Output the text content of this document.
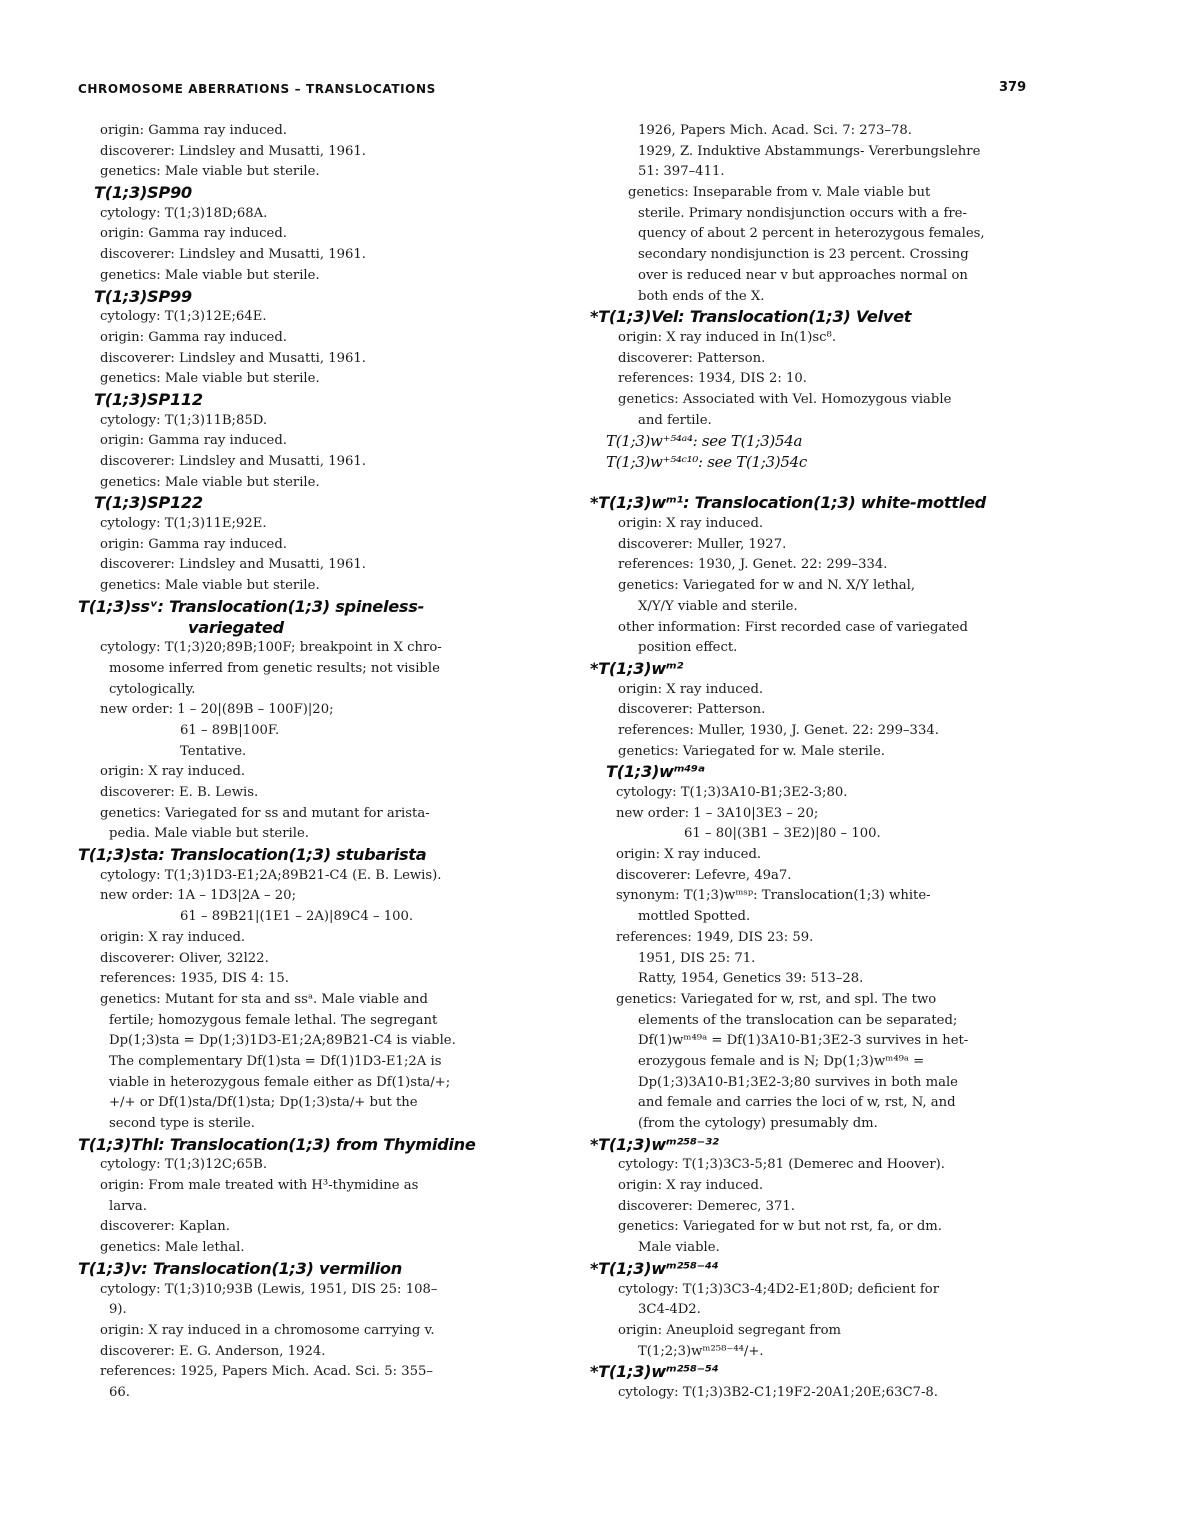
CHROMOSOME ABERRATIONS – TRANSLOCATIONS	379
origin: Gamma ray induced.
discoverer: Lindsley and Musatti, 1961.
genetics: Male viable but sterile.
T(1;3)SP90
cytology: T(1;3)18D;68A.
origin: Gamma ray induced.
discoverer: Lindsley and Musatti, 1961.
genetics: Male viable but sterile.
T(1;3)SP99
cytology: T(1;3)12E;64E.
origin: Gamma ray induced.
discoverer: Lindsley and Musatti, 1961.
genetics: Male viable but sterile.
T(1;3)SP112
cytology: T(1;3)11B;85D.
origin: Gamma ray induced.
discoverer: Lindsley and Musatti, 1961.
genetics: Male viable but sterile.
T(1;3)SP122
cytology: T(1;3)11E;92E.
origin: Gamma ray induced.
discoverer: Lindsley and Musatti, 1961.
genetics: Male viable but sterile.
T(1;3)ssᵛ: Translocation(1;3) spineless-
variegated
cytology: T(1;3)20;89B;100F; breakpoint in X chro-
mosome inferred from genetic results; not visible
cytologically.
new order: 1 – 20|(89B – 100F)|20;
61 – 89B|100F.
Tentative.
origin: X ray induced.
discoverer: E. B. Lewis.
genetics: Variegated for ss and mutant for arista-
pedia. Male viable but sterile.
T(1;3)sta: Translocation(1;3) stubarista
cytology: T(1;3)1D3-E1;2A;89B21-C4 (E. B. Lewis).
new order: 1A – 1D3|2A – 20;
61 – 89B21|(1E1 – 2A)|89C4 – 100.
origin: X ray induced.
discoverer: Oliver, 32l22.
references: 1935, DIS 4: 15.
genetics: Mutant for sta and ssᵃ. Male viable and
fertile; homozygous female lethal. The segregant
Dp(1;3)sta = Dp(1;3)1D3-E1;2A;89B21-C4 is viable.
The complementary Df(1)sta = Df(1)1D3-E1;2A is
viable in heterozygous female either as Df(1)sta/+;
+/+ or Df(1)sta/Df(1)sta; Dp(1;3)sta/+ but the
second type is sterile.
T(1;3)Thl: Translocation(1;3) from Thymidine
cytology: T(1;3)12C;65B.
origin: From male treated with H³-thymidine as
larva.
discoverer: Kaplan.
genetics: Male lethal.
T(1;3)v: Translocation(1;3) vermilion
cytology: T(1;3)10;93B (Lewis, 1951, DIS 25: 108–
9).
origin: X ray induced in a chromosome carrying v.
discoverer: E. G. Anderson, 1924.
references: 1925, Papers Mich. Acad. Sci. 5: 355–
66.
1926, Papers Mich. Acad. Sci. 7: 273–78.
1929, Z. Induktive Abstammungs- Vererbungslehre
51: 397–411.
genetics: Inseparable from v. Male viable but
sterile. Primary nondisjunction occurs with a fre-
quency of about 2 percent in heterozygous females,
secondary nondisjunction is 23 percent. Crossing
over is reduced near v but approaches normal on
both ends of the X.
*T(1;3)Vel: Translocation(1;3) Velvet
origin: X ray induced in In(1)sc⁸.
discoverer: Patterson.
references: 1934, DIS 2: 10.
genetics: Associated with Vel. Homozygous viable
and fertile.
T(1;3)w⁺⁵⁴ᵃ⁴: see T(1;3)54a
T(1;3)w⁺⁵⁴ᶜ¹⁰: see T(1;3)54c
*T(1;3)wᵐ¹: Translocation(1;3) white-mottled
origin: X ray induced.
discoverer: Muller, 1927.
references: 1930, J. Genet. 22: 299–334.
genetics: Variegated for w and N. X/Y lethal,
X/Y/Y viable and sterile.
other information: First recorded case of variegated
position effect.
*T(1;3)wᵐ²
origin: X ray induced.
discoverer: Patterson.
references: Muller, 1930, J. Genet. 22: 299–334.
genetics: Variegated for w. Male sterile.
T(1;3)wᵐ⁴⁹ᵃ
cytology: T(1;3)3A10-B1;3E2-3;80.
new order: 1 – 3A10|3E3 – 20;
61 – 80|(3B1 – 3E2)|80 – 100.
origin: X ray induced.
discoverer: Lefevre, 49a7.
synonym: T(1;3)wᵐˢᵖ: Translocation(1;3) white-
mottled Spotted.
references: 1949, DIS 23: 59.
1951, DIS 25: 71.
Ratty, 1954, Genetics 39: 513–28.
genetics: Variegated for w, rst, and spl. The two
elements of the translocation can be separated;
Df(1)wᵐ⁴⁹ᵃ = Df(1)3A10-B1;3E2-3 survives in het-
erozygous female and is N; Dp(1;3)wᵐ⁴⁹ᵃ =
Dp(1;3)3A10-B1;3E2-3;80 survives in both male
and female and carries the loci of w, rst, N, and
(from the cytology) presumably dm.
*T(1;3)wᵐ²⁵⁸⁻³²
cytology: T(1;3)3C3-5;81 (Demerec and Hoover).
origin: X ray induced.
discoverer: Demerec, 371.
genetics: Variegated for w but not rst, fa, or dm.
Male viable.
*T(1;3)wᵐ²⁵⁸⁻⁴⁴
cytology: T(1;3)3C3-4;4D2-E1;80D; deficient for
3C4-4D2.
origin: Aneuploid segregant from
T(1;2;3)wᵐ²⁵⁸⁻⁴⁴/+.
*T(1;3)wᵐ²⁵⁸⁻⁵⁴
cytology: T(1;3)3B2-C1;19F2-20A1;20E;63C7-8.
